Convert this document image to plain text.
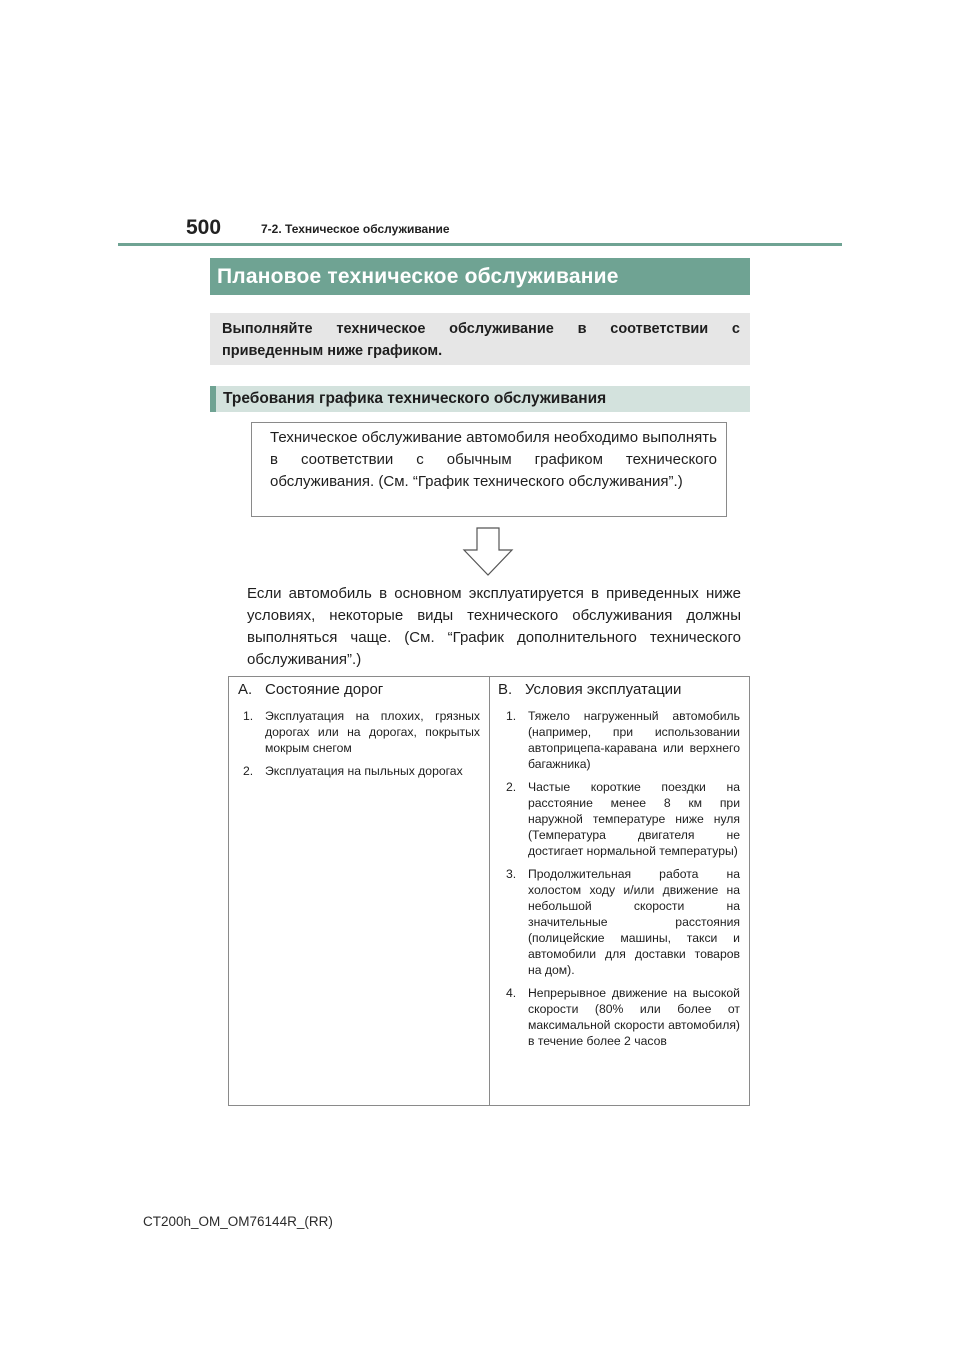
500	7-2. Техническое обслуживание
Плановое техническое обслуживание
Выполняйте техническое обслуживание в соответствии с приведенным ниже графиком.
Требования графика технического обслуживания
Техническое обслуживание автомобиля необходимо выполнять в соответствии с обычным графиком технического обслуживания. (См. “График технического обслуживания”.)
Если автомобиль в основном эксплуатируется в приведенных ниже условиях, некоторые виды технического обслуживания должны выполняться чаще. (См. “График дополнительного технического обслуживания”.)
A. Состояние дорог
1. Эксплуатация на плохих, грязных дорогах или на дорогах, покрытых мокрым снегом
2. Эксплуатация на пыльных дорогах
B. Условия эксплуатации
1. Тяжело нагруженный автомобиль (например, при использовании автоприцепа-каравана или верхнего багажника)
2. Частые короткие поездки на расстояние менее 8 км при наружной температуре ниже нуля (Температура двигателя не достигает нормальной температуры)
3. Продолжительная работа на холостом ходу и/или движение на небольшой скорости на значительные расстояния (полицейские машины, такси и автомобили для доставки товаров на дом).
4. Непрерывное движение на высокой скорости (80% или более от максимальной скорости автомобиля) в течение более 2 часов
CT200h_OM_OM76144R_(RR)
